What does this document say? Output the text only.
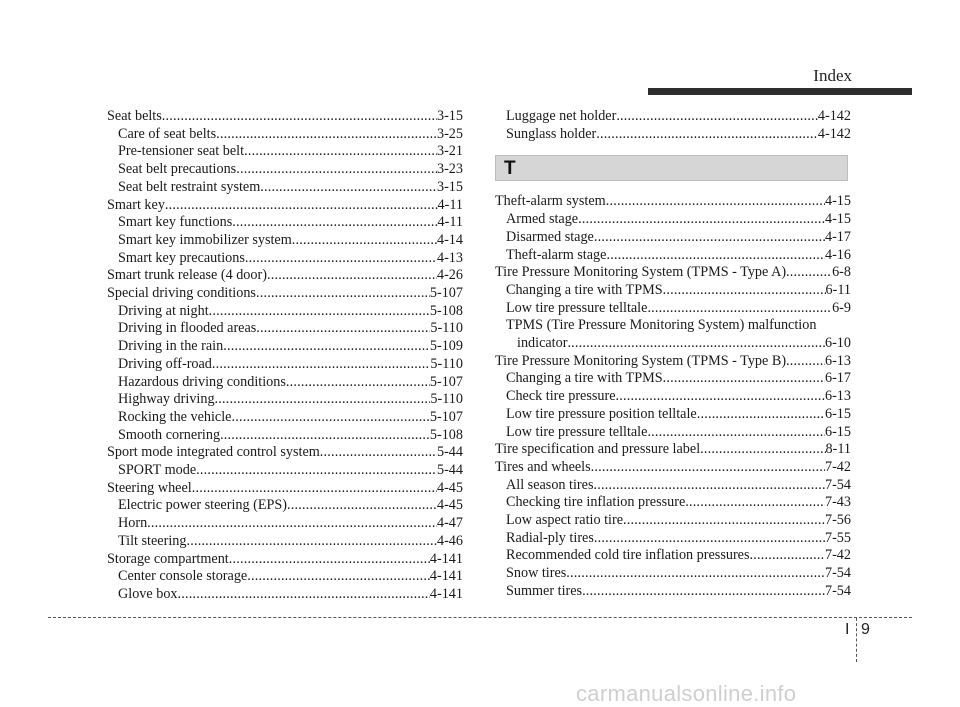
Index
Seat belts .....	3-15
Care of seat belts .....	3-25
Pre-tensioner seat belt .....	3-21
Seat belt precautions .....	3-23
Seat belt restraint system .....	3-15
Smart key .....	4-11
Smart key functions .....	4-11
Smart key immobilizer system .....	4-14
Smart key precautions .....	4-13
Smart trunk release (4 door) .....	4-26
Special driving conditions .....	5-107
Driving at night .....	5-108
Driving in flooded areas .....	5-110
Driving in the rain .....	5-109
Driving off-road .....	5-110
Hazardous driving conditions .....	5-107
Highway driving .....	5-110
Rocking the vehicle .....	5-107
Smooth cornering .....	5-108
Sport mode integrated control system .....	5-44
SPORT mode .....	5-44
Steering wheel .....	4-45
Electric power steering (EPS) .....	4-45
Horn .....	4-47
Tilt steering .....	4-46
Storage compartment .....	4-141
Center console storage .....	4-141
Glove box .....	4-141
Luggage net holder .....	4-142
Sunglass holder .....	4-142
T
Theft-alarm system .....	4-15
Armed stage .....	4-15
Disarmed stage .....	4-17
Theft-alarm stage .....	4-16
Tire Pressure Monitoring System (TPMS - Type A) .....	6-8
Changing a tire with TPMS .....	6-11
Low tire pressure telltale .....	6-9
TPMS (Tire Pressure Monitoring System) malfunction
indicator .....	6-10
Tire Pressure Monitoring System (TPMS - Type B) .....	6-13
Changing a tire with TPMS .....	6-17
Check tire pressure .....	6-13
Low tire pressure position telltale .....	6-15
Low tire pressure telltale .....	6-15
Tire specification and pressure label .....	8-11
Tires and wheels .....	7-42
All season tires .....	7-54
Checking tire inflation pressure .....	7-43
Low aspect ratio tire .....	7-56
Radial-ply tires .....	7-55
Recommended cold tire inflation pressures .....	7-42
Snow tires .....	7-54
Summer tires .....	7-54
I 9
carmanualsonline.info
